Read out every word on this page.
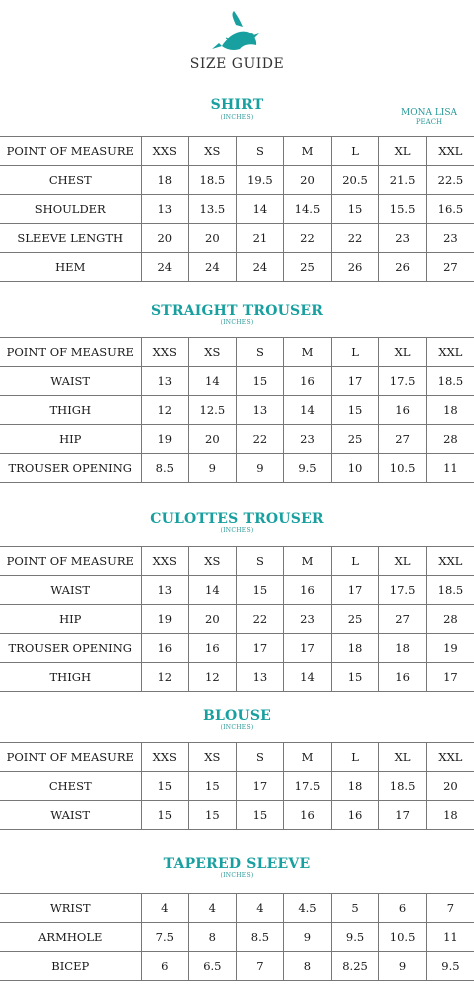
SIZE GUIDE
MONA LISA
PEACH
SHIRT
(INCHES)
POINT OF MEASURE	XXS	XS	S	M	L	XL	XXL
CHEST	18	18.5	19.5	20	20.5	21.5	22.5
SHOULDER	13	13.5	14	14.5	15	15.5	16.5
SLEEVE LENGTH	20	20	21	22	22	23	23
HEM	24	24	24	25	26	26	27
STRAIGHT TROUSER
(INCHES)
POINT OF MEASURE	XXS	XS	S	M	L	XL	XXL
WAIST	13	14	15	16	17	17.5	18.5
THIGH	12	12.5	13	14	15	16	18
HIP	19	20	22	23	25	27	28
TROUSER OPENING	8.5	9	9	9.5	10	10.5	11
CULOTTES TROUSER
(INCHES)
POINT OF MEASURE	XXS	XS	S	M	L	XL	XXL
WAIST	13	14	15	16	17	17.5	18.5
HIP	19	20	22	23	25	27	28
TROUSER OPENING	16	16	17	17	18	18	19
THIGH	12	12	13	14	15	16	17
BLOUSE
(INCHES)
POINT OF MEASURE	XXS	XS	S	M	L	XL	XXL
CHEST	15	15	17	17.5	18	18.5	20
WAIST	15	15	15	16	16	17	18
TAPERED SLEEVE
(INCHES)
WRIST	4	4	4	4.5	5	6	7
ARMHOLE	7.5	8	8.5	9	9.5	10.5	11
BICEP	6	6.5	7	8	8.25	9	9.5
